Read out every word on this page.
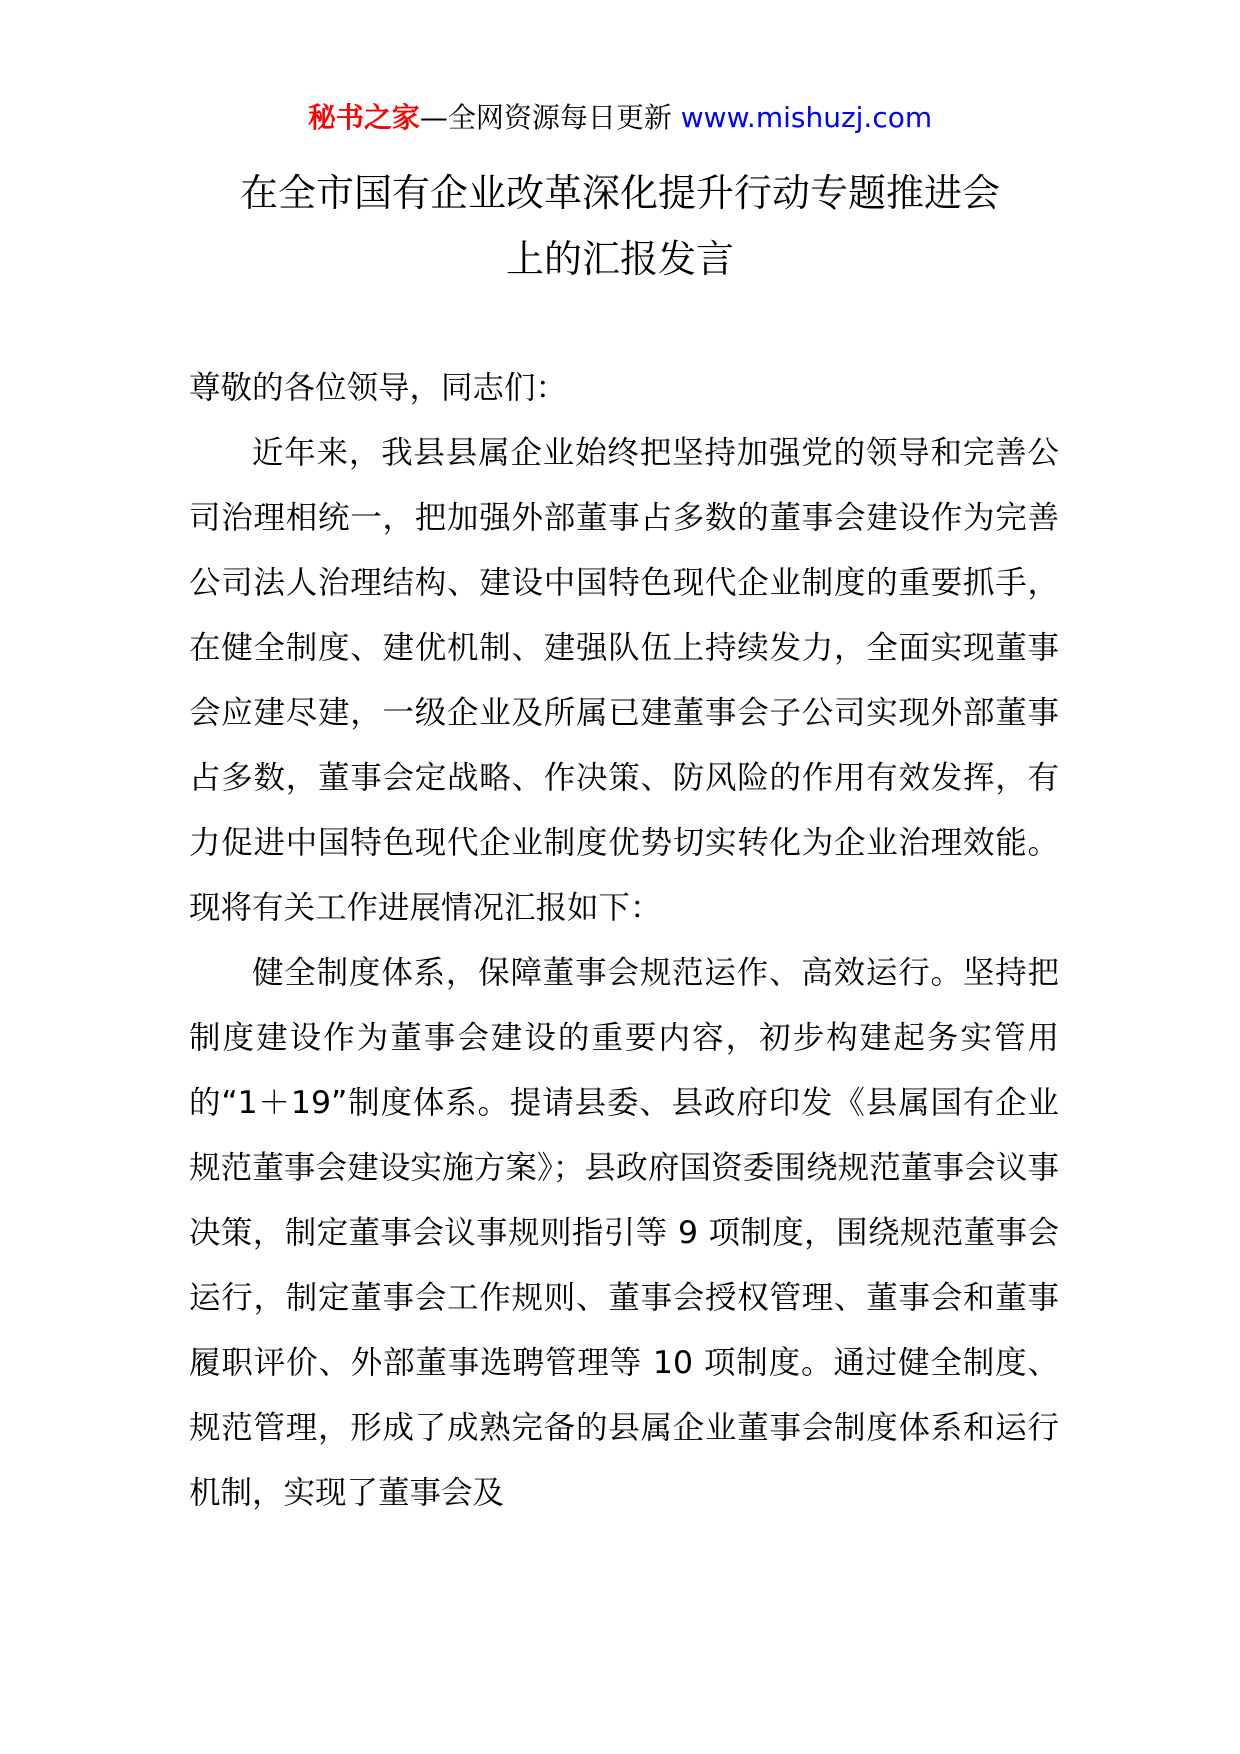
秘书之家—全网资源每日更新 www.mishuzj.com
在全市国有企业改革深化提升行动专题推进会
上的汇报发言

尊敬的各位领导，同志们：

近年来，我县县属企业始终把坚持加强党的领导和完善公司治理相统一，把加强外部董事占多数的董事会建设作为完善公司法人治理结构、建设中国特色现代企业制度的重要抓手，在健全制度、建优机制、建强队伍上持续发力，全面实现董事会应建尽建，一级企业及所属已建董事会子公司实现外部董事占多数，董事会定战略、作决策、防风险的作用有效发挥，有力促进中国特色现代企业制度优势切实转化为企业治理效能。现将有关工作进展情况汇报如下：

健全制度体系，保障董事会规范运作、高效运行。坚持把制度建设作为董事会建设的重要内容，初步构建起务实管用的“1＋19”制度体系。提请县委、县政府印发《县属国有企业规范董事会建设实施方案》；县政府国资委围绕规范董事会议事决策，制定董事会议事规则指引等 9 项制度，围绕规范董事会运行，制定董事会工作规则、董事会授权管理、董事会和董事履职评价、外部董事选聘管理等 10 项制度。通过健全制度、规范管理，形成了成熟完备的县属企业董事会制度体系和运行机制，实现了董事会及
